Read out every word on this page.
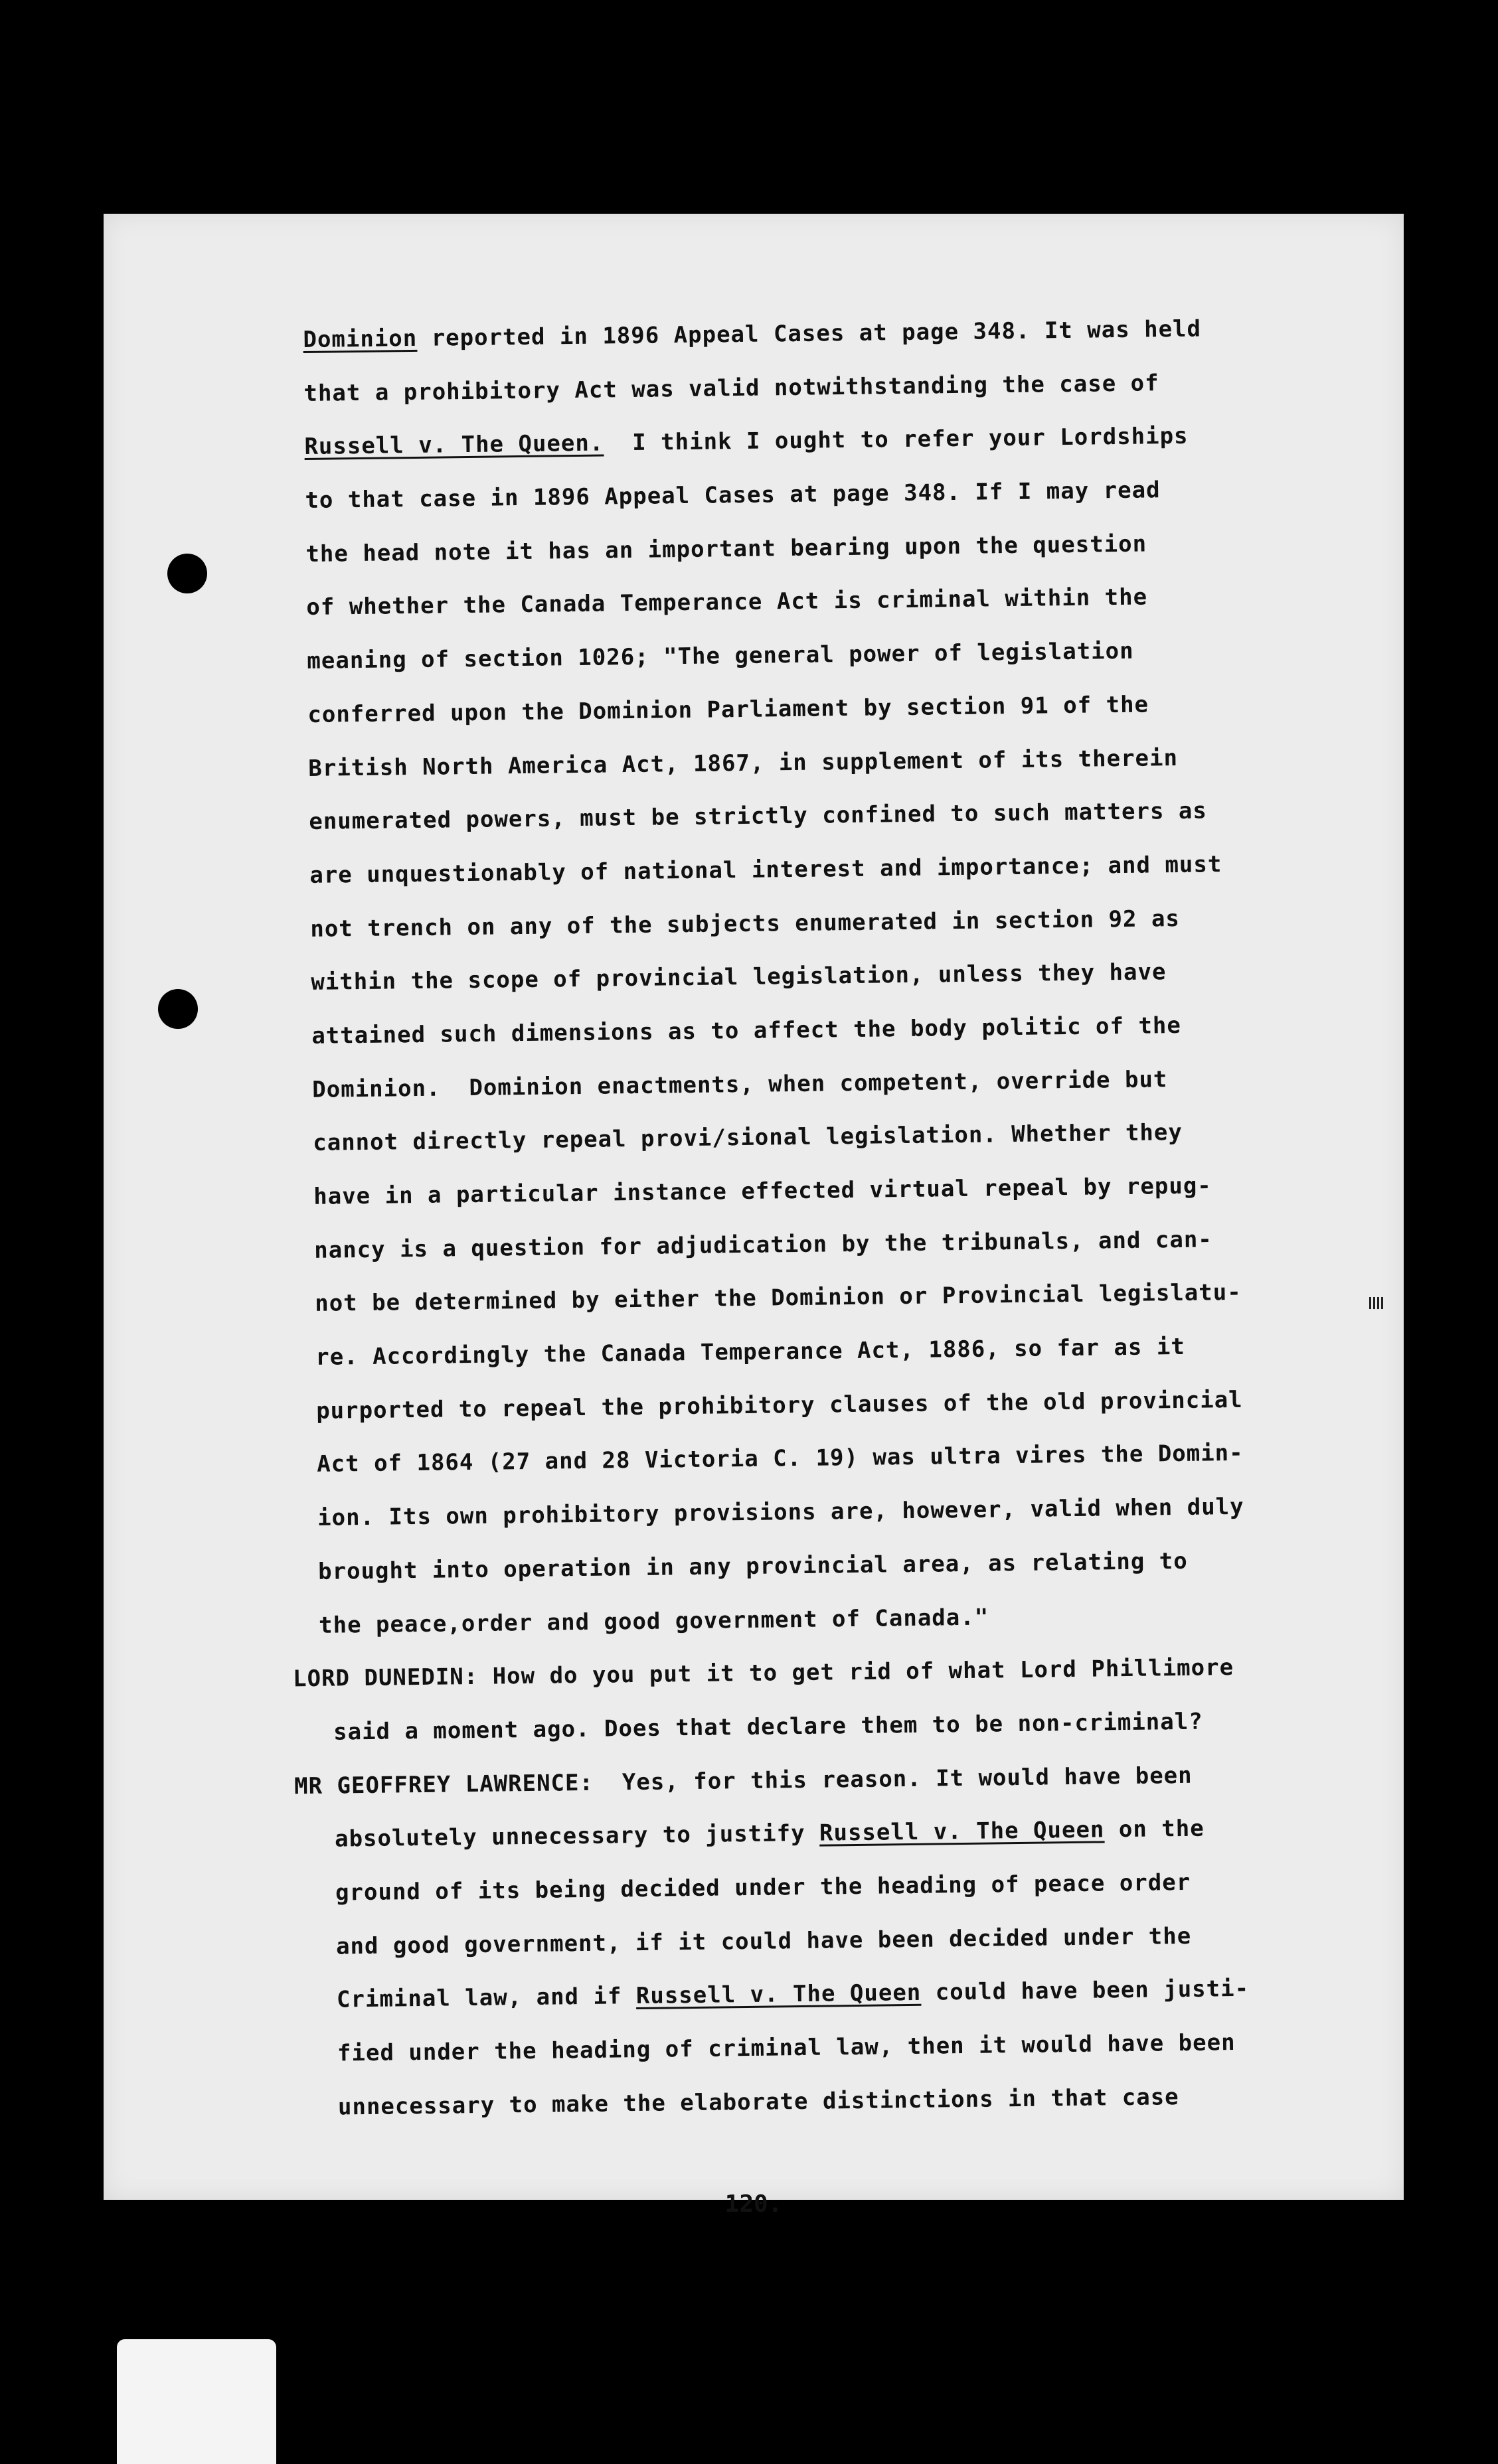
Dominion reported in 1896 Appeal Cases at page 348. It was held
that a prohibitory Act was valid notwithstanding the case of
Russell v. The Queen.  I think I ought to refer your Lordships
to that case in 1896 Appeal Cases at page 348. If I may read
the head note it has an important bearing upon the question
of whether the Canada Temperance Act is criminal within the
meaning of section 1026; "The general power of legislation
conferred upon the Dominion Parliament by section 91 of the
British North America Act, 1867, in supplement of its therein
enumerated powers, must be strictly confined to such matters as
are unquestionably of national interest and importance; and must
not trench on any of the subjects enumerated in section 92 as
within the scope of provincial legislation, unless they have
attained such dimensions as to affect the body politic of the
Dominion.  Dominion enactments, when competent, override but
cannot directly repeal provi/sional legislation. Whether they
have in a particular instance effected virtual repeal by repug-
nancy is a question for adjudication by the tribunals, and can-
not be determined by either the Dominion or Provincial legislatu-
re. Accordingly the Canada Temperance Act, 1886, so far as it
purported to repeal the prohibitory clauses of the old provincial
Act of 1864 (27 and 28 Victoria C. 19) was ultra vires the Domin-
ion. Its own prohibitory provisions are, however, valid when duly
brought into operation in any provincial area, as relating to
the peace,order and good government of Canada."
LORD DUNEDIN: How do you put it to get rid of what Lord Phillimore
said a moment ago. Does that declare them to be non-criminal?
MR GEOFFREY LAWRENCE:  Yes, for this reason. It would have been
absolutely unnecessary to justify Russell v. The Queen on the
ground of its being decided under the heading of peace order
and good government, if it could have been decided under the
Criminal law, and if Russell v. The Queen could have been justi-
fied under the heading of criminal law, then it would have been
unnecessary to make the elaborate distinctions in that case
120.
